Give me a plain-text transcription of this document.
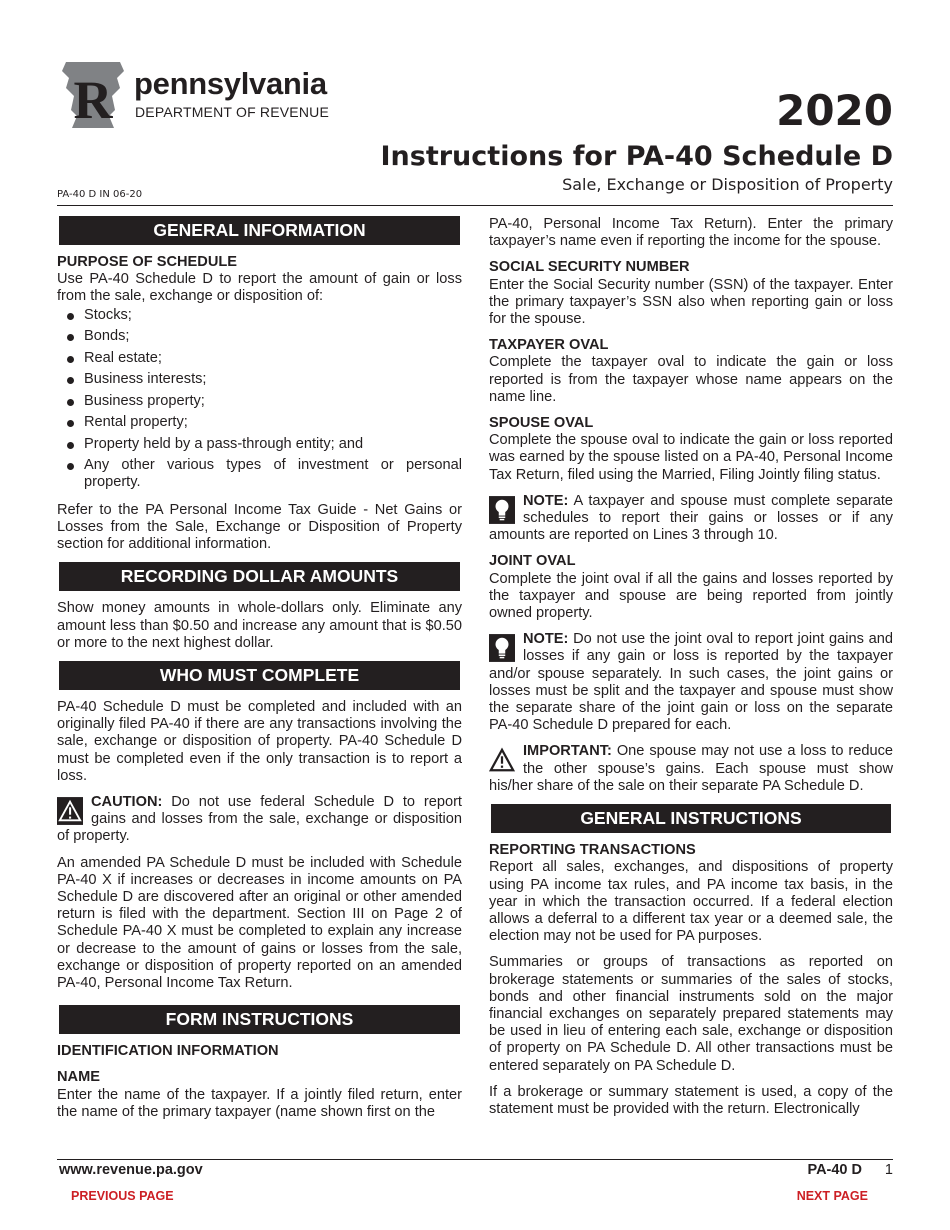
R pennsylvania
DEPARTMENT OF REVENUE	2020
Instructions for PA-40 Schedule D
Sale, Exchange or Disposition of Property
PA-40 D IN 06-20
GENERAL INFORMATION
PURPOSE OF SCHEDULE

Use PA-40 Schedule D to report the amount of gain or loss from the sale, exchange or disposition of:

Stocks;
Bonds;
Real estate;
Business interests;
Business property;
Rental property;
Property held by a pass-through entity; and
Any other various types of investment or personal property.

Refer to the PA Personal Income Tax Guide - Net Gains or Losses from the Sale, Exchange or Disposition of Property section for additional information.

RECORDING DOLLAR AMOUNTS

Show money amounts in whole-dollars only. Eliminate any amount less than $0.50 and increase any amount that is $0.50 or more to the next highest dollar.

WHO MUST COMPLETE

PA-40 Schedule D must be completed and included with an originally filed PA-40 if there are any transactions involving the sale, exchange or disposition of property. PA-40 Schedule D must be completed even if the only transaction is to report a loss.

CAUTION: Do not use federal Schedule D to report gains and losses from the sale, exchange or disposition of property.

An amended PA Schedule D must be included with Schedule PA-40 X if increases or decreases in income amounts on PA Schedule D are discovered after an original or other amended return is filed with the department. Section III on Page 2 of Schedule PA-40 X must be completed to explain any increase or decrease to the amount of gains or losses from the sale, exchange or disposition of property reported on an amended PA-40, Personal Income Tax Return.

FORM INSTRUCTIONS
IDENTIFICATION INFORMATION
NAME

Enter the name of the taxpayer. If a jointly filed return, enter the name of the primary taxpayer (name shown first on the

PA-40, Personal Income Tax Return). Enter the primary taxpayer’s name even if reporting the income for the spouse.

SOCIAL SECURITY NUMBER

Enter the Social Security number (SSN) of the taxpayer. Enter the primary taxpayer’s SSN also when reporting gain or loss for the spouse.

TAXPAYER OVAL

Complete the taxpayer oval to indicate the gain or loss reported is from the taxpayer whose name appears on the name line.

SPOUSE OVAL

Complete the spouse oval to indicate the gain or loss reported was earned by the spouse listed on a PA-40, Personal Income Tax Return, filed using the Married, Filing Jointly filing status.

NOTE: A taxpayer and spouse must complete separate schedules to report their gains or losses or if any amounts are reported on Lines 3 through 10.

JOINT OVAL

Complete the joint oval if all the gains and losses reported by the taxpayer and spouse are being reported from jointly owned property.

NOTE: Do not use the joint oval to report joint gains and losses if any gain or loss is reported by the taxpayer and/or spouse separately. In such cases, the joint gains or losses must be split and the taxpayer and spouse must show the separate share of the joint gain or loss on the separate PA-40 Schedule D prepared for each.

IMPORTANT: One spouse may not use a loss to reduce the other spouse’s gains. Each spouse must show his/her share of the sale on their separate PA Schedule D.

GENERAL INSTRUCTIONS
REPORTING TRANSACTIONS

Report all sales, exchanges, and dispositions of property using PA income tax rules, and PA income tax basis, in the year in which the transaction occurred. If a federal election allows a deferral to a different tax year or a deemed sale, the election may not be used for PA purposes.

Summaries or groups of transactions as reported on brokerage statements or summaries of the sales of stocks, bonds and other financial instruments sold on the major financial exchanges on separately prepared statements may be used in lieu of entering each sale, exchange or disposition of property on PA Schedule D. All other transactions must be entered separately on PA Schedule D.

If a brokerage or summary statement is used, a copy of the statement must be provided with the return. Electronically

www.revenue.pa.gov	PA-40 D 1
PREVIOUS PAGE	NEXT PAGE
